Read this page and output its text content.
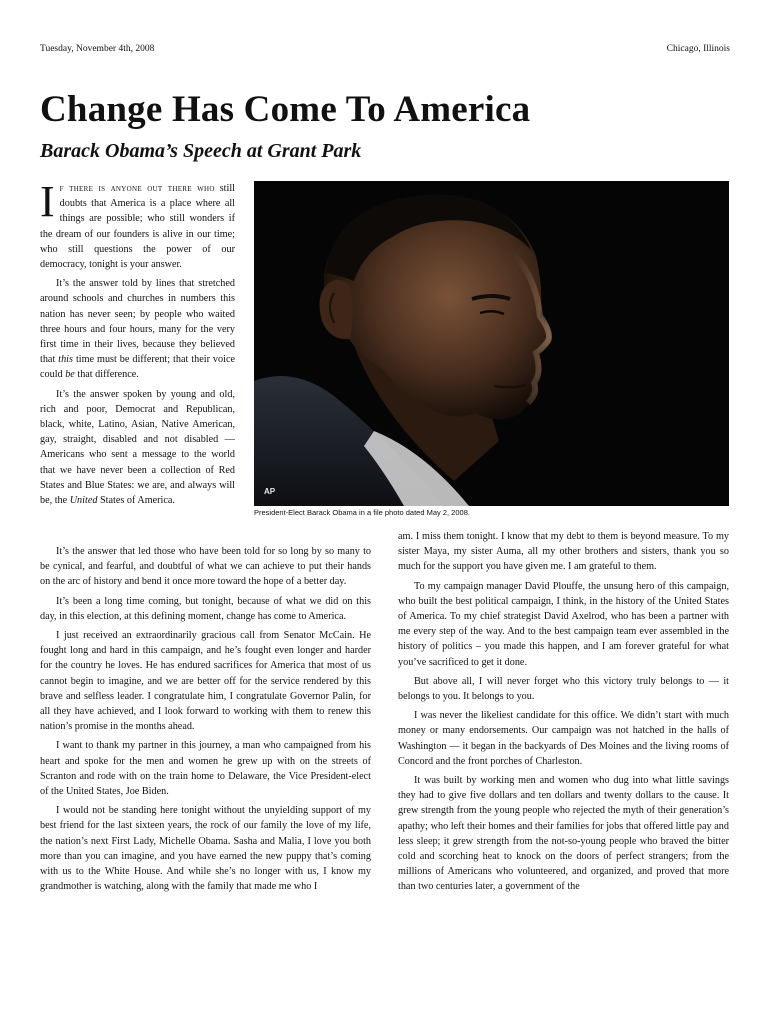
Tuesday, November 4th, 2008	Chicago, Illinois
Change Has Come To America
Barack Obama’s Speech at Grant Park
AP
President-Elect Barack Obama in a file photo dated May 2, 2008.

If there is anyone out there who still doubts that America is a place where all things are possible; who still wonders if the dream of our founders is alive in our time; who still questions the power of our democracy, tonight is your answer.

It’s the answer told by lines that stretched around schools and churches in numbers this nation has never seen; by people who waited three hours and four hours, many for the very first time in their lives, because they believed that this time must be different; that their voice could be that difference.

It’s the answer spoken by young and old, rich and poor, Democrat and Republican, black, white, Latino, Asian, Native American, gay, straight, disabled and not disabled —Americans who sent a message to the world that we have never been a collection of Red States and Blue States: we are, and always will be, the United States of America.

It’s the answer that led those who have been told for so long by so many to be cynical, and fearful, and doubtful of what we can achieve to put their hands on the arc of history and bend it once more toward the hope of a better day.

It’s been a long time coming, but tonight, because of what we did on this day, in this election, at this defining moment, change has come to America.

I just received an extraordinarily gracious call from Senator McCain. He fought long and hard in this campaign, and he’s fought even longer and harder for the country he loves. He has endured sacrifices for America that most of us cannot begin to imagine, and we are better off for the service rendered by this brave and selfless leader. I congratulate him, I congratulate Governor Palin, for all they have achieved, and I look forward to working with them to renew this nation’s promise in the months ahead.

I want to thank my partner in this journey, a man who campaigned from his heart and spoke for the men and women he grew up with on the streets of Scranton and rode with on the train home to Delaware, the Vice President-elect of the United States, Joe Biden.

I would not be standing here tonight without the unyielding support of my best friend for the last sixteen years, the rock of our family the love of my life, the nation’s next First Lady, Michelle Obama. Sasha and Malia, I love you both more than you can imagine, and you have earned the new puppy that’s coming with us to the White House. And while she’s no longer with us, I know my grandmother is watching, along with the family that made me who I

am. I miss them tonight. I know that my debt to them is beyond measure. To my sister Maya, my sister Auma, all my other brothers and sisters, thank you so much for the support you have given me. I am grateful to them.

To my campaign manager David Plouffe, the unsung hero of this campaign, who built the best political campaign, I think, in the history of the United States of America. To my chief strategist David Axelrod, who has been a partner with me every step of the way. And to the best campaign team ever assembled in the history of politics – you made this happen, and I am forever grateful for what you’ve sacrificed to get it done.

But above all, I will never forget who this victory truly belongs to — it belongs to you. It belongs to you.

I was never the likeliest candidate for this office. We didn’t start with much money or many endorsements. Our campaign was not hatched in the halls of Washington — it began in the backyards of Des Moines and the living rooms of Concord and the front porches of Charleston.

It was built by working men and women who dug into what little savings they had to give five dollars and ten dollars and twenty dollars to the cause. It grew strength from the young people who rejected the myth of their generation’s apathy; who left their homes and their families for jobs that offered little pay and less sleep; it grew strength from the not-so-young people who braved the bitter cold and scorching heat to knock on the doors of perfect strangers; from the millions of Americans who volunteered, and organized, and proved that more than two centuries later, a government of the
